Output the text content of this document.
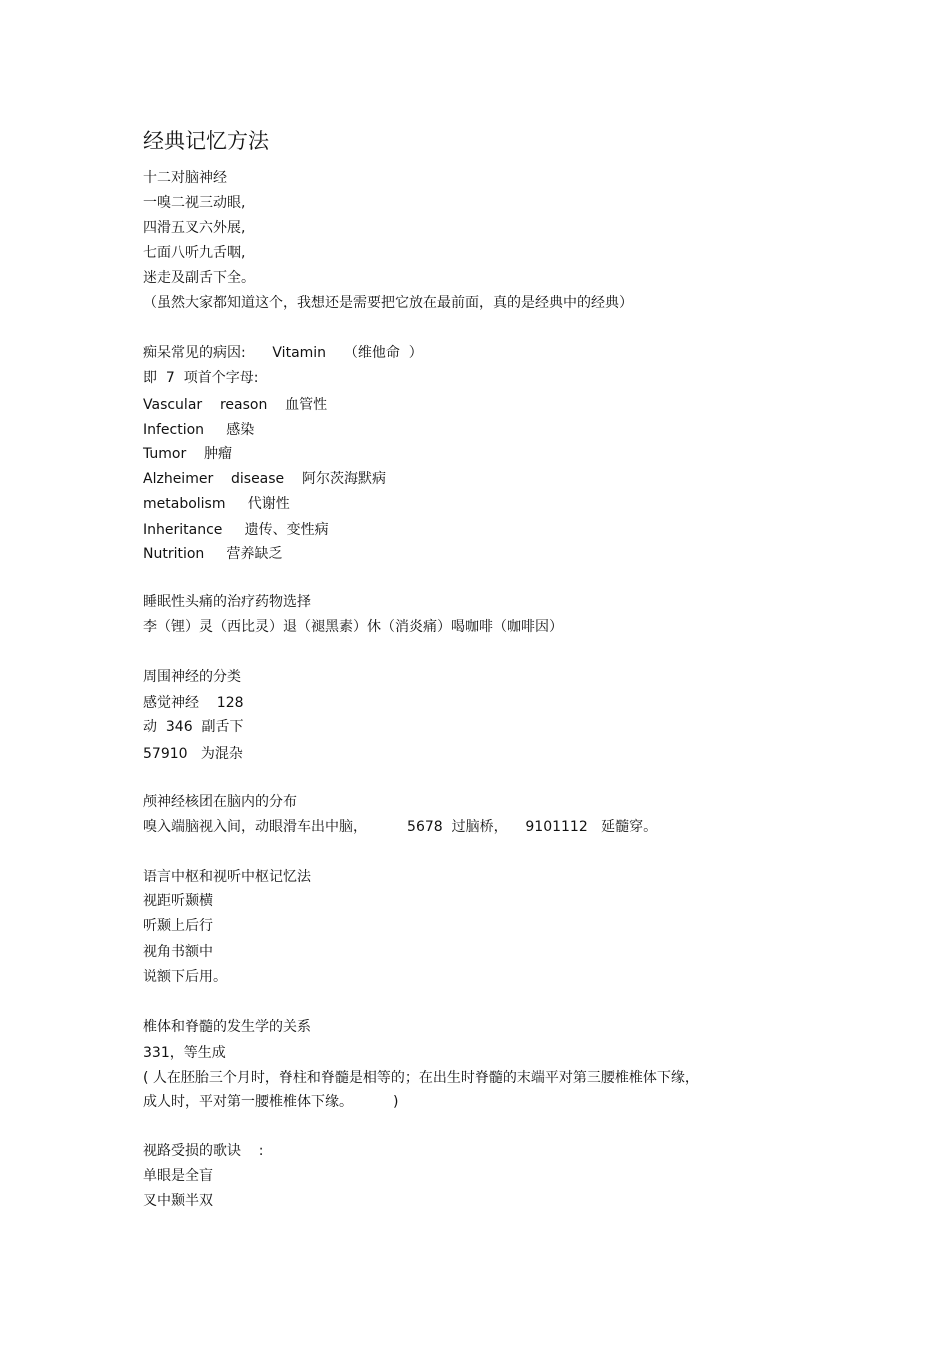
经典记忆方法
十二对脑神经
一嗅二视三动眼,
四滑五叉六外展,
七面八听九舌咽,
迷走及副舌下全。
（虽然大家都知道这个，我想还是需要把它放在最前面，真的是经典中的经典）
痴呆常见的病因:      Vitamin    （维他命  ）
即  7  项首个字母:
Vascular    reason    血管性
Infection     感染
Tumor    肿瘤
Alzheimer    disease    阿尔茨海默病
metabolism     代谢性
Inheritance     遗传、变性病
Nutrition     营养缺乏
睡眠性头痛的治疗药物选择
李（锂）灵（西比灵）退（褪黑素）休（消炎痛）喝咖啡（咖啡因）
周围神经的分类
感觉神经    128
动  346  副舌下
57910   为混杂
颅神经核团在脑内的分布
嗅入端脑视入间，动眼滑车出中脑，         5678  过脑桥，    9101112   延髓穿。
语言中枢和视听中枢记忆法
视距听颞横
听颞上后行
视角书额中
说额下后用。
椎体和脊髓的发生学的关系
331，等生成
( 人在胚胎三个月时，脊柱和脊髓是相等的；在出生时脊髓的末端平对第三腰椎椎体下缘，
成人时，平对第一腰椎椎体下缘。         )
视路受损的歌诀    :
单眼是全盲
叉中颞半双
